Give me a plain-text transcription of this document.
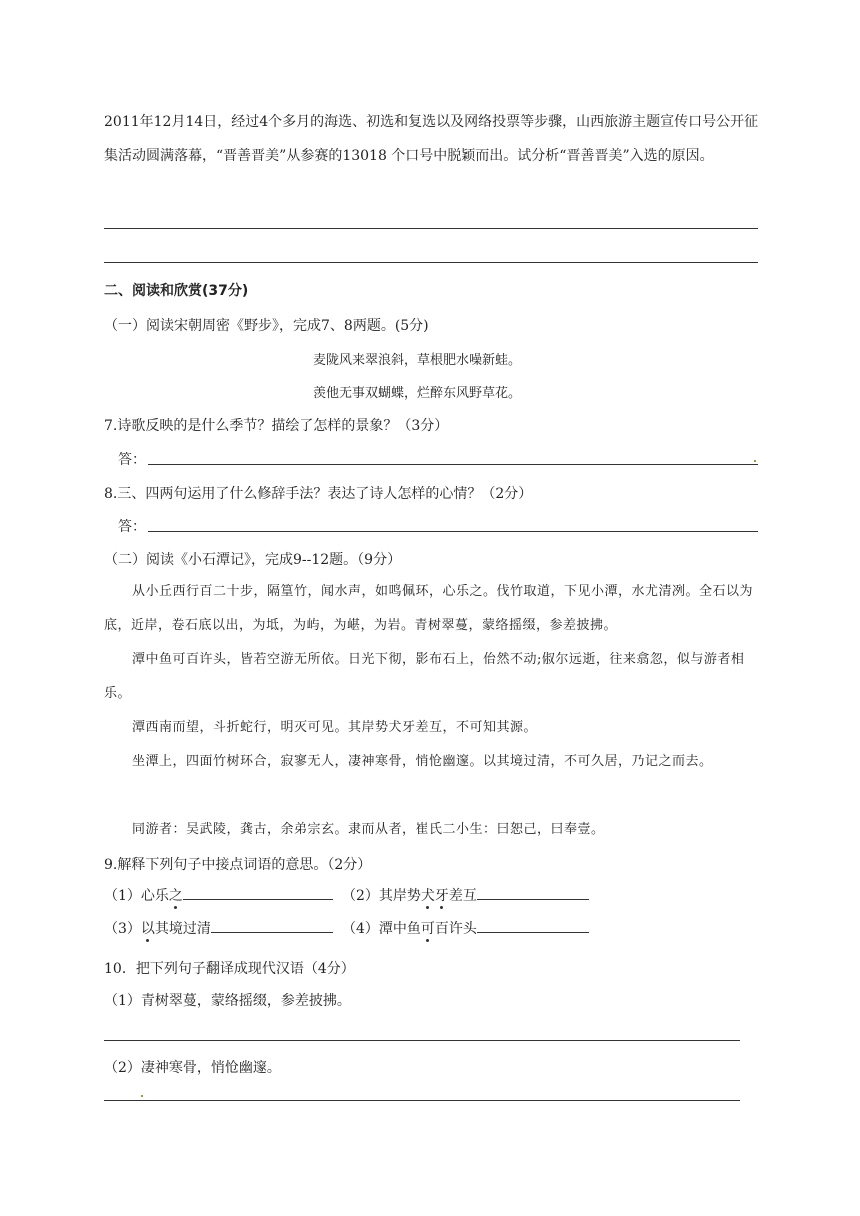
2011年12月14日，经过4个多月的海选、初选和复选以及网络投票等步骤，山西旅游主题宣传口号公开征集活动圆满落幕，“晋善晋美”从参赛的13018 个口号中脱颖而出。试分析“晋善晋美”入选的原因。
二、阅读和欣赏(37分)
（一）阅读宋朝周密《野步》，完成7、8两题。(5分)
麦陇风来翠浪斜，草根肥水噪新蛙。
羡他无事双蝴蝶，烂醉东风野草花。
7.诗歌反映的是什么季节？描绘了怎样的景象？（3分）
答：
8.三、四两句运用了什么修辞手法？表达了诗人怎样的心情？（2分）
答：
（二）阅读《小石潭记》，完成9--12题。（9分）
从小丘西行百二十步，隔篁竹，闻水声，如鸣佩环，心乐之。伐竹取道，下见小潭，水尤清冽。全石以为底，近岸，卷石底以出，为坻，为屿，为嵁，为岩。青树翠蔓，蒙络摇缀，参差披拂。
潭中鱼可百许头，皆若空游无所依。日光下彻，影布石上，佁然不动;俶尔远逝，往来翕忽，似与游者相乐。
潭西南而望，斗折蛇行，明灭可见。其岸势犬牙差互，不可知其源。
坐潭上，四面竹树环合，寂寥无人，凄神寒骨，悄怆幽邃。以其境过清，不可久居，乃记之而去。
同游者：吴武陵，龚古，余弟宗玄。隶而从者，崔氏二小生：曰恕己，曰奉壹。
9.解释下列句子中接点词语的意思。（2分）
（1）心乐之	（2）其岸势犬牙差互
（3）以其境过清	（4）潭中鱼可百许头
10．把下列句子翻译成现代汉语（4分）
（1）青树翠蔓，蒙络摇缀，参差披拂。
（2）凄神寒骨，悄怆幽邃。
